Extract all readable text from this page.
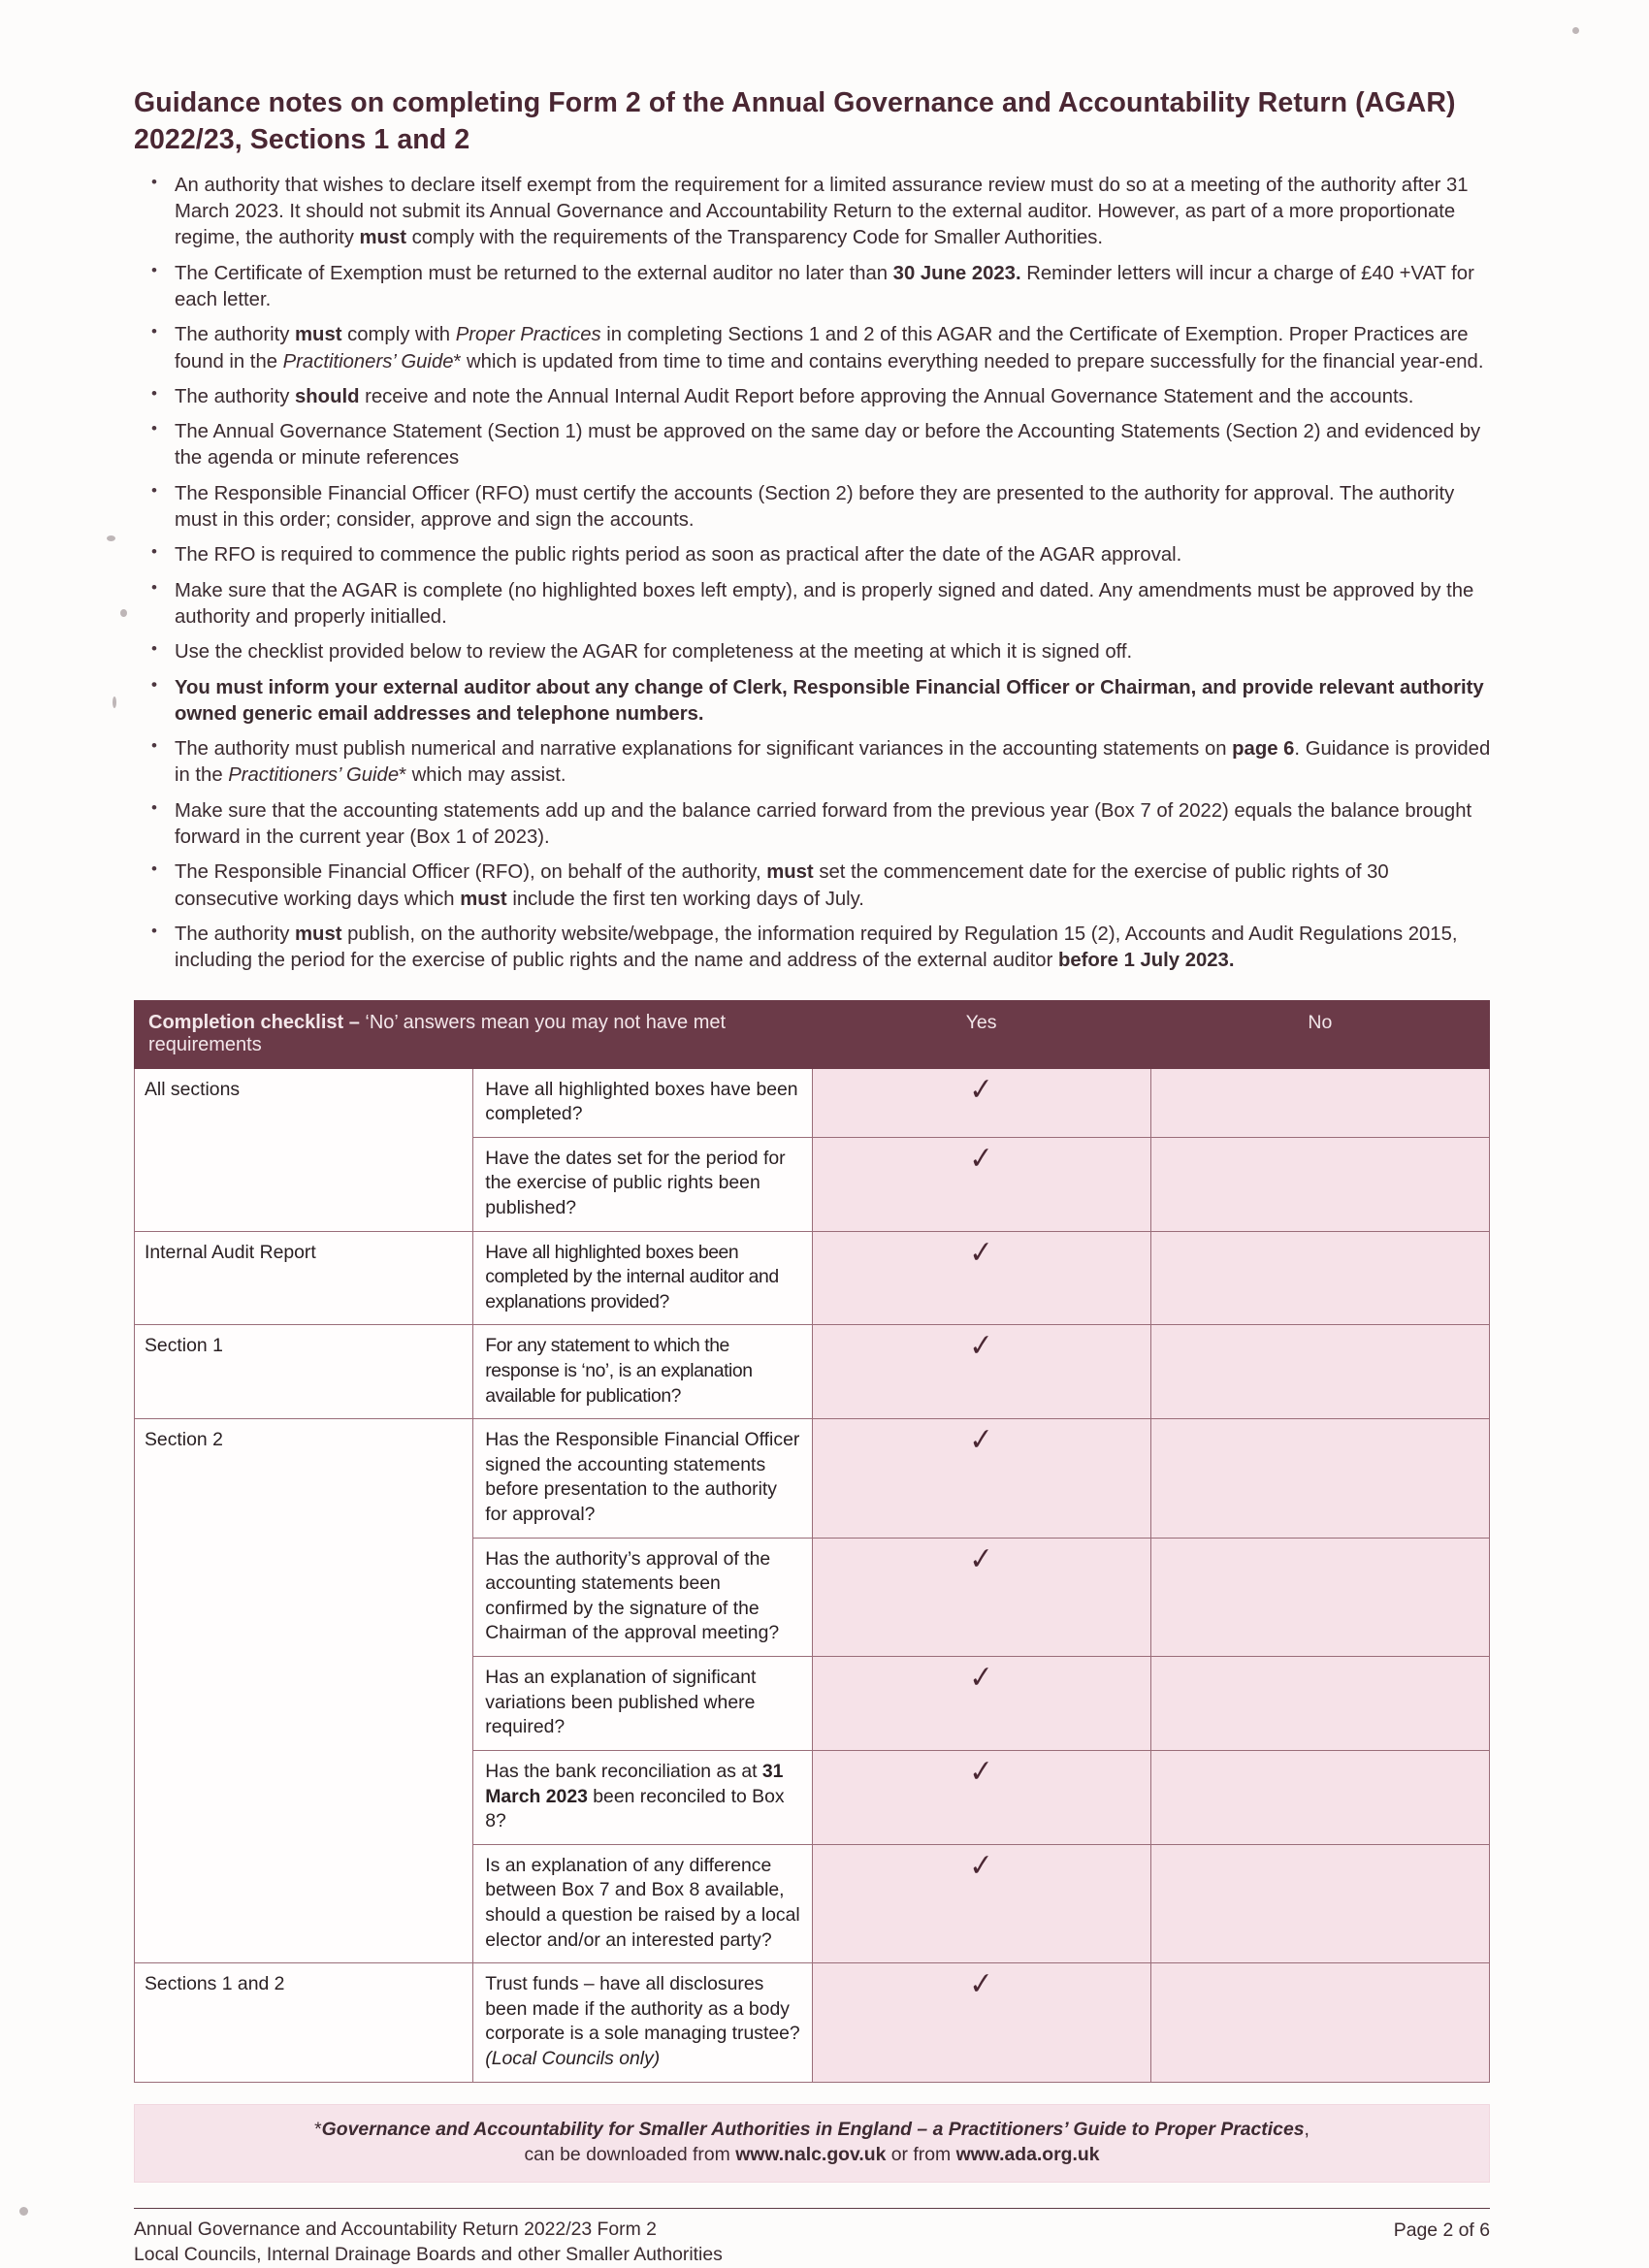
Guidance notes on completing Form 2 of the Annual Governance and Accountability Return (AGAR) 2022/23, Sections 1 and 2
• An authority that wishes to declare itself exempt from the requirement for a limited assurance review must do so at a meeting of the authority after 31 March 2023. It should not submit its Annual Governance and Accountability Return to the external auditor. However, as part of a more proportionate regime, the authority must comply with the requirements of the Transparency Code for Smaller Authorities.
• The Certificate of Exemption must be returned to the external auditor no later than 30 June 2023. Reminder letters will incur a charge of £40 +VAT for each letter.
• The authority must comply with Proper Practices in completing Sections 1 and 2 of this AGAR and the Certificate of Exemption. Proper Practices are found in the Practitioners’ Guide* which is updated from time to time and contains everything needed to prepare successfully for the financial year-end.
• The authority should receive and note the Annual Internal Audit Report before approving the Annual Governance Statement and the accounts.
• The Annual Governance Statement (Section 1) must be approved on the same day or before the Accounting Statements (Section 2) and evidenced by the agenda or minute references
• The Responsible Financial Officer (RFO) must certify the accounts (Section 2) before they are presented to the authority for approval. The authority must in this order; consider, approve and sign the accounts.
• The RFO is required to commence the public rights period as soon as practical after the date of the AGAR approval.
• Make sure that the AGAR is complete (no highlighted boxes left empty), and is properly signed and dated. Any amendments must be approved by the authority and properly initialled.
• Use the checklist provided below to review the AGAR for completeness at the meeting at which it is signed off.
• You must inform your external auditor about any change of Clerk, Responsible Financial Officer or Chairman, and provide relevant authority owned generic email addresses and telephone numbers.
• The authority must publish numerical and narrative explanations for significant variances in the accounting statements on page 6. Guidance is provided in the Practitioners’ Guide* which may assist.
• Make sure that the accounting statements add up and the balance carried forward from the previous year (Box 7 of 2022) equals the balance brought forward in the current year (Box 1 of 2023).
• The Responsible Financial Officer (RFO), on behalf of the authority, must set the commencement date for the exercise of public rights of 30 consecutive working days which must include the first ten working days of July.
• The authority must publish, on the authority website/webpage, the information required by Regulation 15 (2), Accounts and Audit Regulations 2015, including the period for the exercise of public rights and the name and address of the external auditor before 1 July 2023.
Completion checklist – ‘No’ answers mean you may not have met requirements		Yes	No
All sections	Have all highlighted boxes have been completed?	✓	

	Have the dates set for the period for the exercise of public rights been published?	✓	

Internal Audit Report	Have all highlighted boxes been completed by the internal auditor and explanations provided?	✓	

Section 1	For any statement to which the response is ‘no’, is an explanation available for publication?	✓	

Section 2	Has the Responsible Financial Officer signed the accounting statements before presentation to the authority for approval?	✓	

	Has the authority’s approval of the accounting statements been confirmed by the signature of the Chairman of the approval meeting?	✓	

	Has an explanation of significant variations been published where required?	✓	

	Has the bank reconciliation as at 31 March 2023 been reconciled to Box 8?	✓	

	Is an explanation of any difference between Box 7 and Box 8 available, should a question be raised by a local elector and/or an interested party?	✓	

Sections 1 and 2	Trust funds – have all disclosures been made if the authority as a body corporate is a sole managing trustee? (Local Councils only)	✓	

*Governance and Accountability for Smaller Authorities in England – a Practitioners’ Guide to Proper Practices,
can be downloaded from www.nalc.gov.uk or from www.ada.org.uk
Annual Governance and Accountability Return 2022/23 Form 2
Local Councils, Internal Drainage Boards and other Smaller Authorities
Page 2 of 6
